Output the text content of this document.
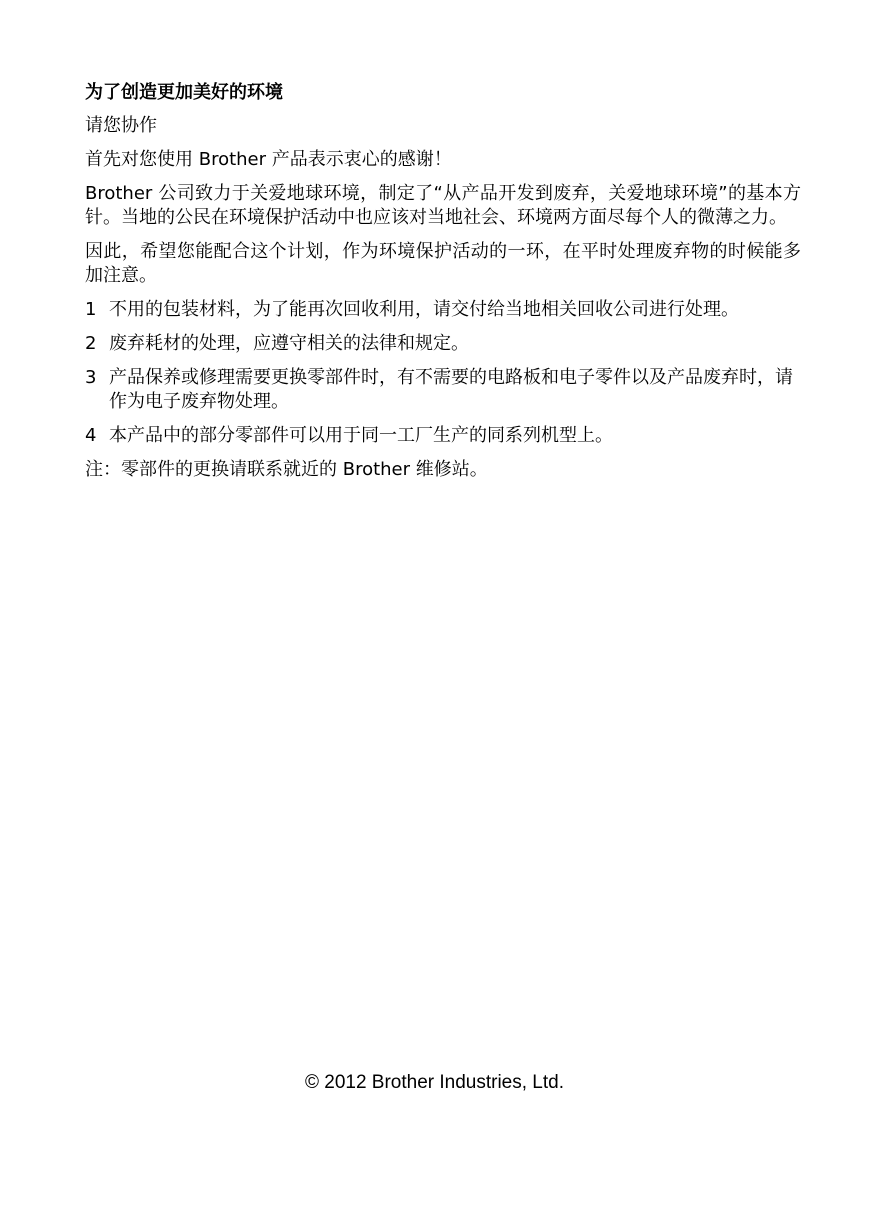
为了创造更加美好的环境
请您协作
首先对您使用 Brother 产品表示衷心的感谢！
Brother 公司致力于关爱地球环境，制定了“从产品开发到废弃，关爱地球环境”的基本方针。当地的公民在环境保护活动中也应该对当地社会、环境两方面尽每个人的微薄之力。
因此，希望您能配合这个计划，作为环境保护活动的一环，在平时处理废弃物的时候能多加注意。
1 不用的包装材料，为了能再次回收利用，请交付给当地相关回收公司进行处理。
2 废弃耗材的处理，应遵守相关的法律和规定。
3 产品保养或修理需要更换零部件时，有不需要的电路板和电子零件以及产品废弃时，请作为电子废弃物处理。
4 本产品中的部分零部件可以用于同一工厂生产的同系列机型上。
注：零部件的更换请联系就近的 Brother 维修站。
© 2012 Brother Industries, Ltd.
